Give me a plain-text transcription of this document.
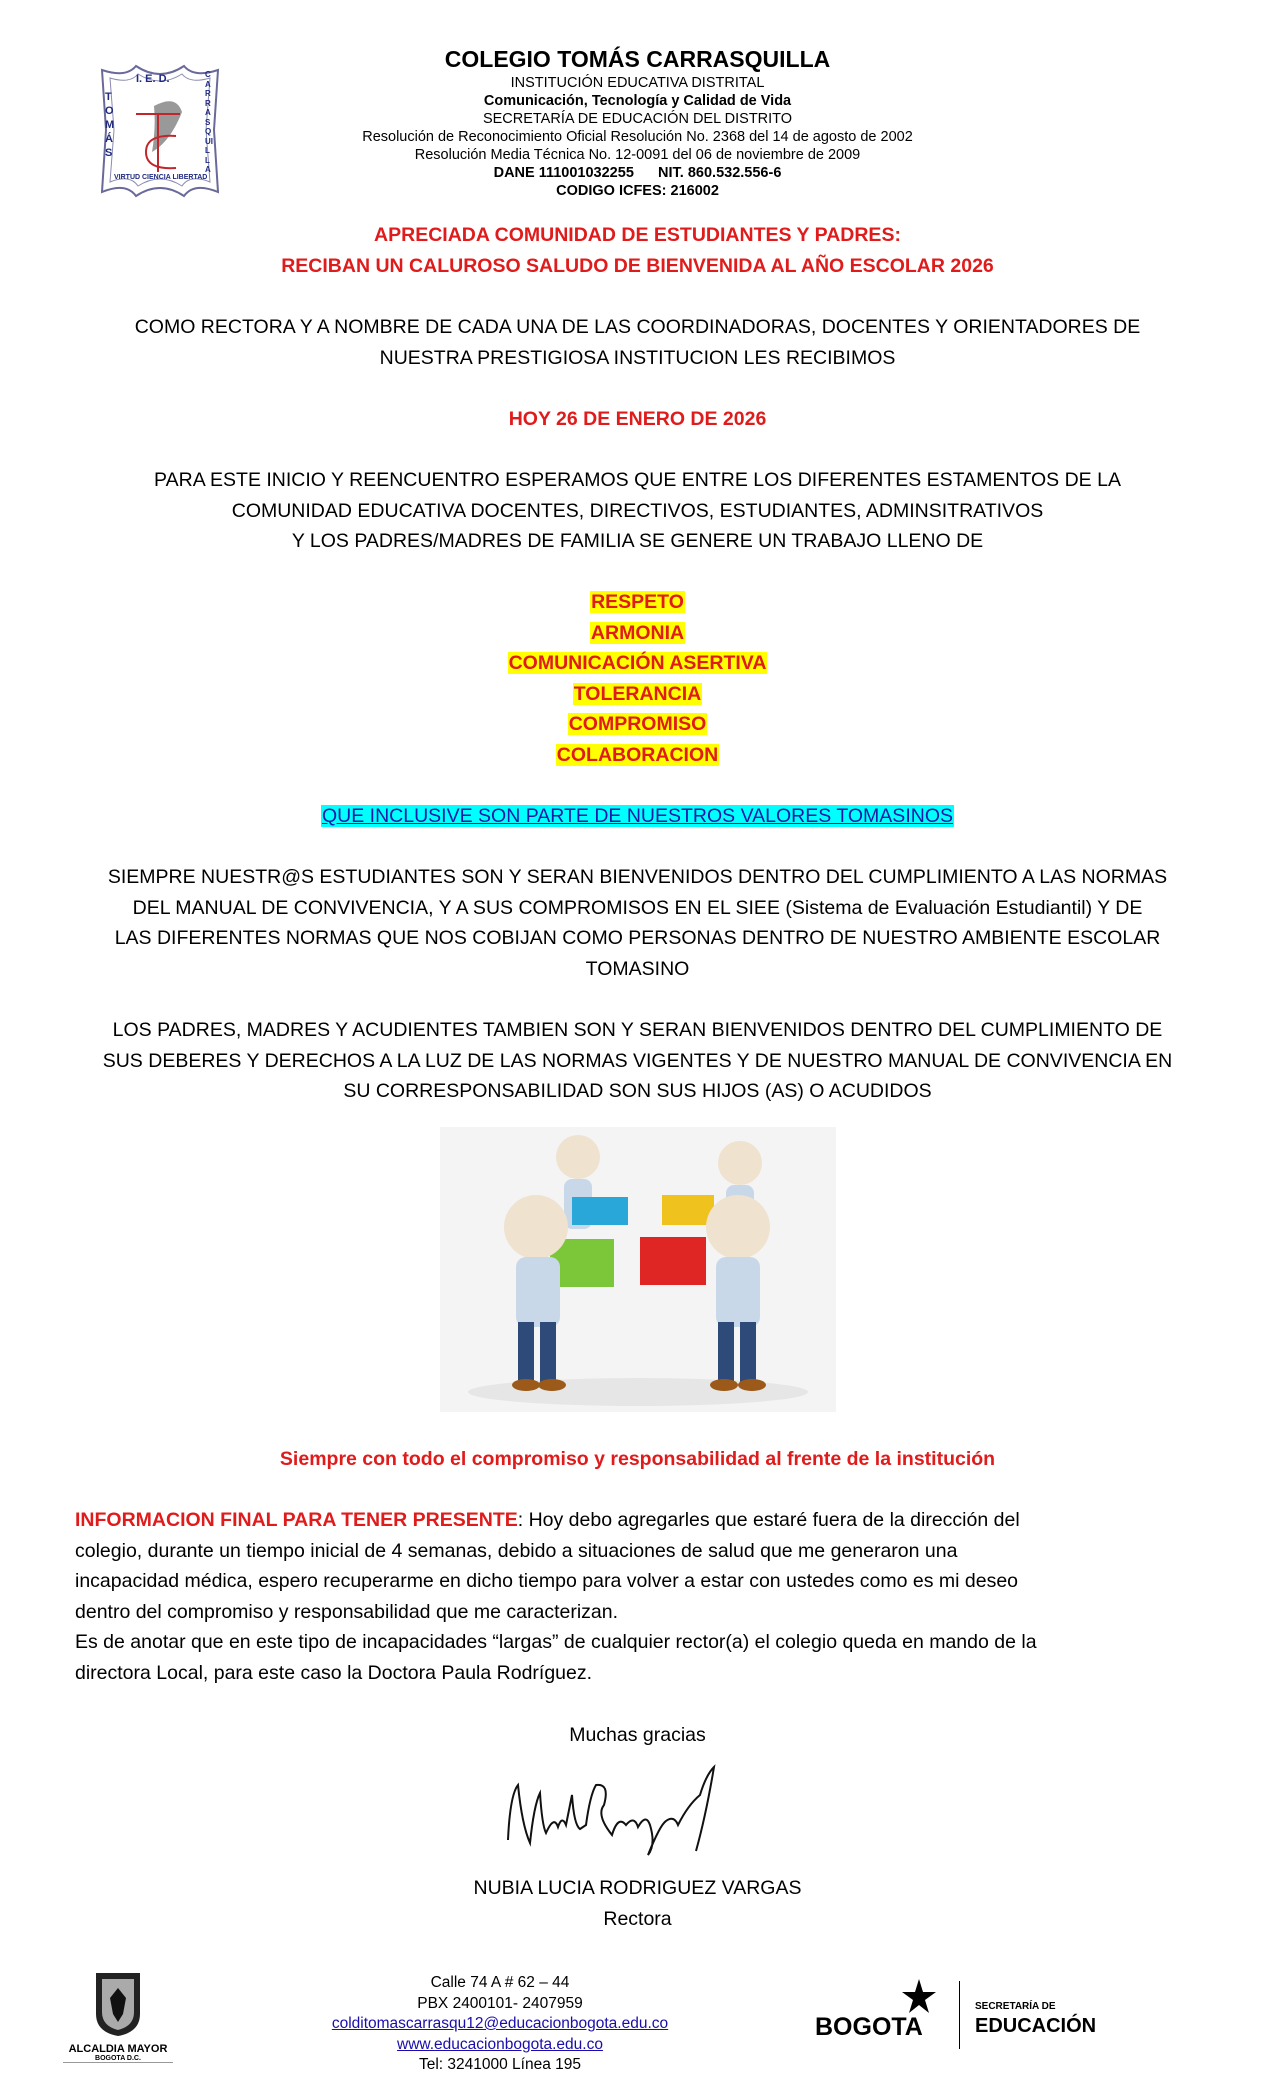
I. E. D.
TOMÁS
CARRASQUILLA
VIRTUD CIENCIA LIBERTAD
COLEGIO TOMÁS CARRASQUILLA
INSTITUCIÓN EDUCATIVA DISTRITAL
Comunicación, Tecnología y Calidad de Vida
SECRETARÍA DE EDUCACIÓN DEL DISTRITO
Resolución de Reconocimiento Oficial Resolución No. 2368 del 14 de agosto de 2002
Resolución Media Técnica No. 12-0091 del 06 de noviembre de 2009
DANE 111001032255      NIT. 860.532.556-6
CODIGO ICFES: 216002
APRECIADA COMUNIDAD DE ESTUDIANTES Y PADRES:
RECIBAN UN CALUROSO SALUDO DE BIENVENIDA AL AÑO ESCOLAR 2026
COMO RECTORA Y A NOMBRE DE CADA UNA DE LAS COORDINADORAS, DOCENTES Y ORIENTADORES DE
NUESTRA PRESTIGIOSA INSTITUCION LES RECIBIMOS
HOY 26 DE ENERO DE 2026
PARA ESTE INICIO Y REENCUENTRO ESPERAMOS QUE ENTRE LOS DIFERENTES ESTAMENTOS DE LA
COMUNIDAD EDUCATIVA DOCENTES, DIRECTIVOS, ESTUDIANTES, ADMINSITRATIVOS
Y LOS PADRES/MADRES DE FAMILIA SE GENERE UN TRABAJO LLENO DE
RESPETO
ARMONIA
COMUNICACIÓN ASERTIVA
TOLERANCIA
COMPROMISO
COLABORACION
QUE INCLUSIVE SON PARTE DE NUESTROS VALORES TOMASINOS
SIEMPRE NUESTR@S ESTUDIANTES SON Y SERAN BIENVENIDOS DENTRO DEL CUMPLIMIENTO A LAS NORMAS
DEL MANUAL DE CONVIVENCIA, Y A SUS COMPROMISOS EN EL SIEE (Sistema de Evaluación Estudiantil) Y DE
LAS DIFERENTES NORMAS QUE NOS COBIJAN COMO PERSONAS DENTRO DE NUESTRO AMBIENTE ESCOLAR
TOMASINO
LOS PADRES, MADRES Y ACUDIENTES TAMBIEN SON Y SERAN BIENVENIDOS DENTRO DEL CUMPLIMIENTO DE
SUS DEBERES Y DERECHOS A LA LUZ DE LAS NORMAS VIGENTES Y DE NUESTRO MANUAL DE CONVIVENCIA EN
SU CORRESPONSABILIDAD SON SUS HIJOS (AS) O ACUDIDOS
Siempre con todo el compromiso y responsabilidad al frente de la institución
INFORMACION FINAL PARA TENER PRESENTE: Hoy debo agregarles que estaré fuera de la dirección del
colegio, durante un tiempo inicial de 4 semanas, debido a situaciones de salud que me generaron una
incapacidad médica, espero recuperarme en dicho tiempo para volver a estar con ustedes como es mi deseo
dentro del compromiso y responsabilidad que me caracterizan.
Es de anotar que en este tipo de incapacidades “largas” de cualquier rector(a) el colegio queda en mando de la
directora Local, para este caso la Doctora Paula Rodríguez.
Muchas gracias
NUBIA LUCIA RODRIGUEZ VARGAS
Rectora
ALCALDIA MAYOR
BOGOTA D.C.
Calle 74 A # 62 – 44
PBX 2400101- 2407959
colditomascarrasqu12@educacionbogota.edu.co
www.educacionbogota.edu.co
Tel: 3241000 Línea 195
BOGOTA
SECRETARÍA DE
EDUCACIÓN
